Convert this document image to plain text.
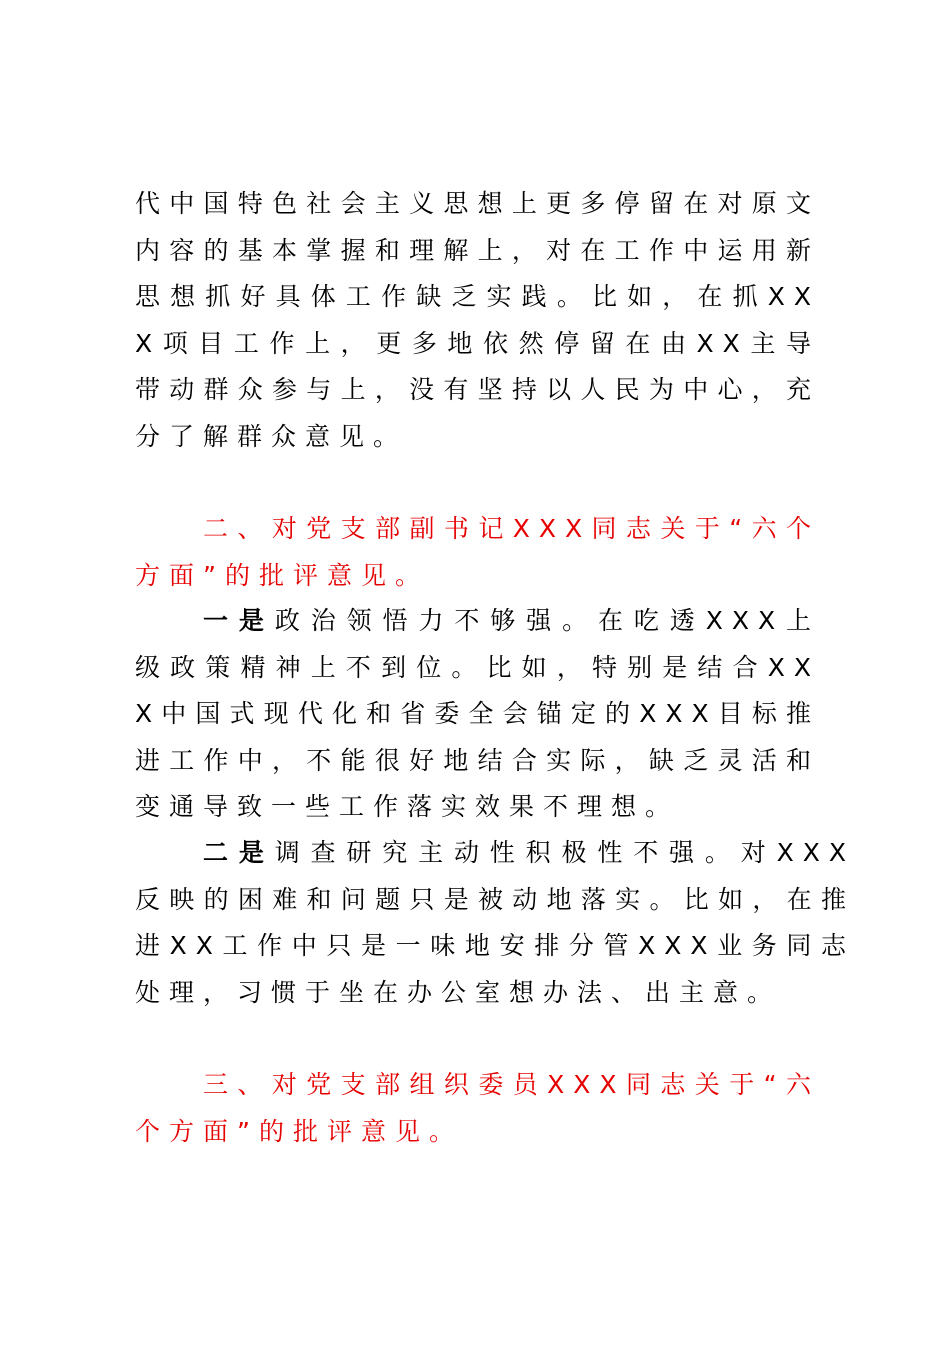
代中国特色社会主义思想上更多停留在对原文内容的基本掌握和理解上，对在工作中运用新思想抓好具体工作缺乏实践。比如，在抓XXX项目工作上，更多地依然停留在由XX主导带动群众参与上，没有坚持以人民为中心，充分了解群众意见。

二、对党支部副书记XXX同志关于“六个方面”的批评意见。

一是政治领悟力不够强。在吃透XXX上级政策精神上不到位。比如，特别是结合XXX中国式现代化和省委全会锚定的XXX目标推进工作中，不能很好地结合实际，缺乏灵活和变通导致一些工作落实效果不理想。

二是调查研究主动性积极性不强。对XXX反映的困难和问题只是被动地落实。比如，在推进XX工作中只是一味地安排分管XXX业务同志处理，习惯于坐在办公室想办法、出主意。

三、对党支部组织委员XXX同志关于“六个方面”的批评意见。
